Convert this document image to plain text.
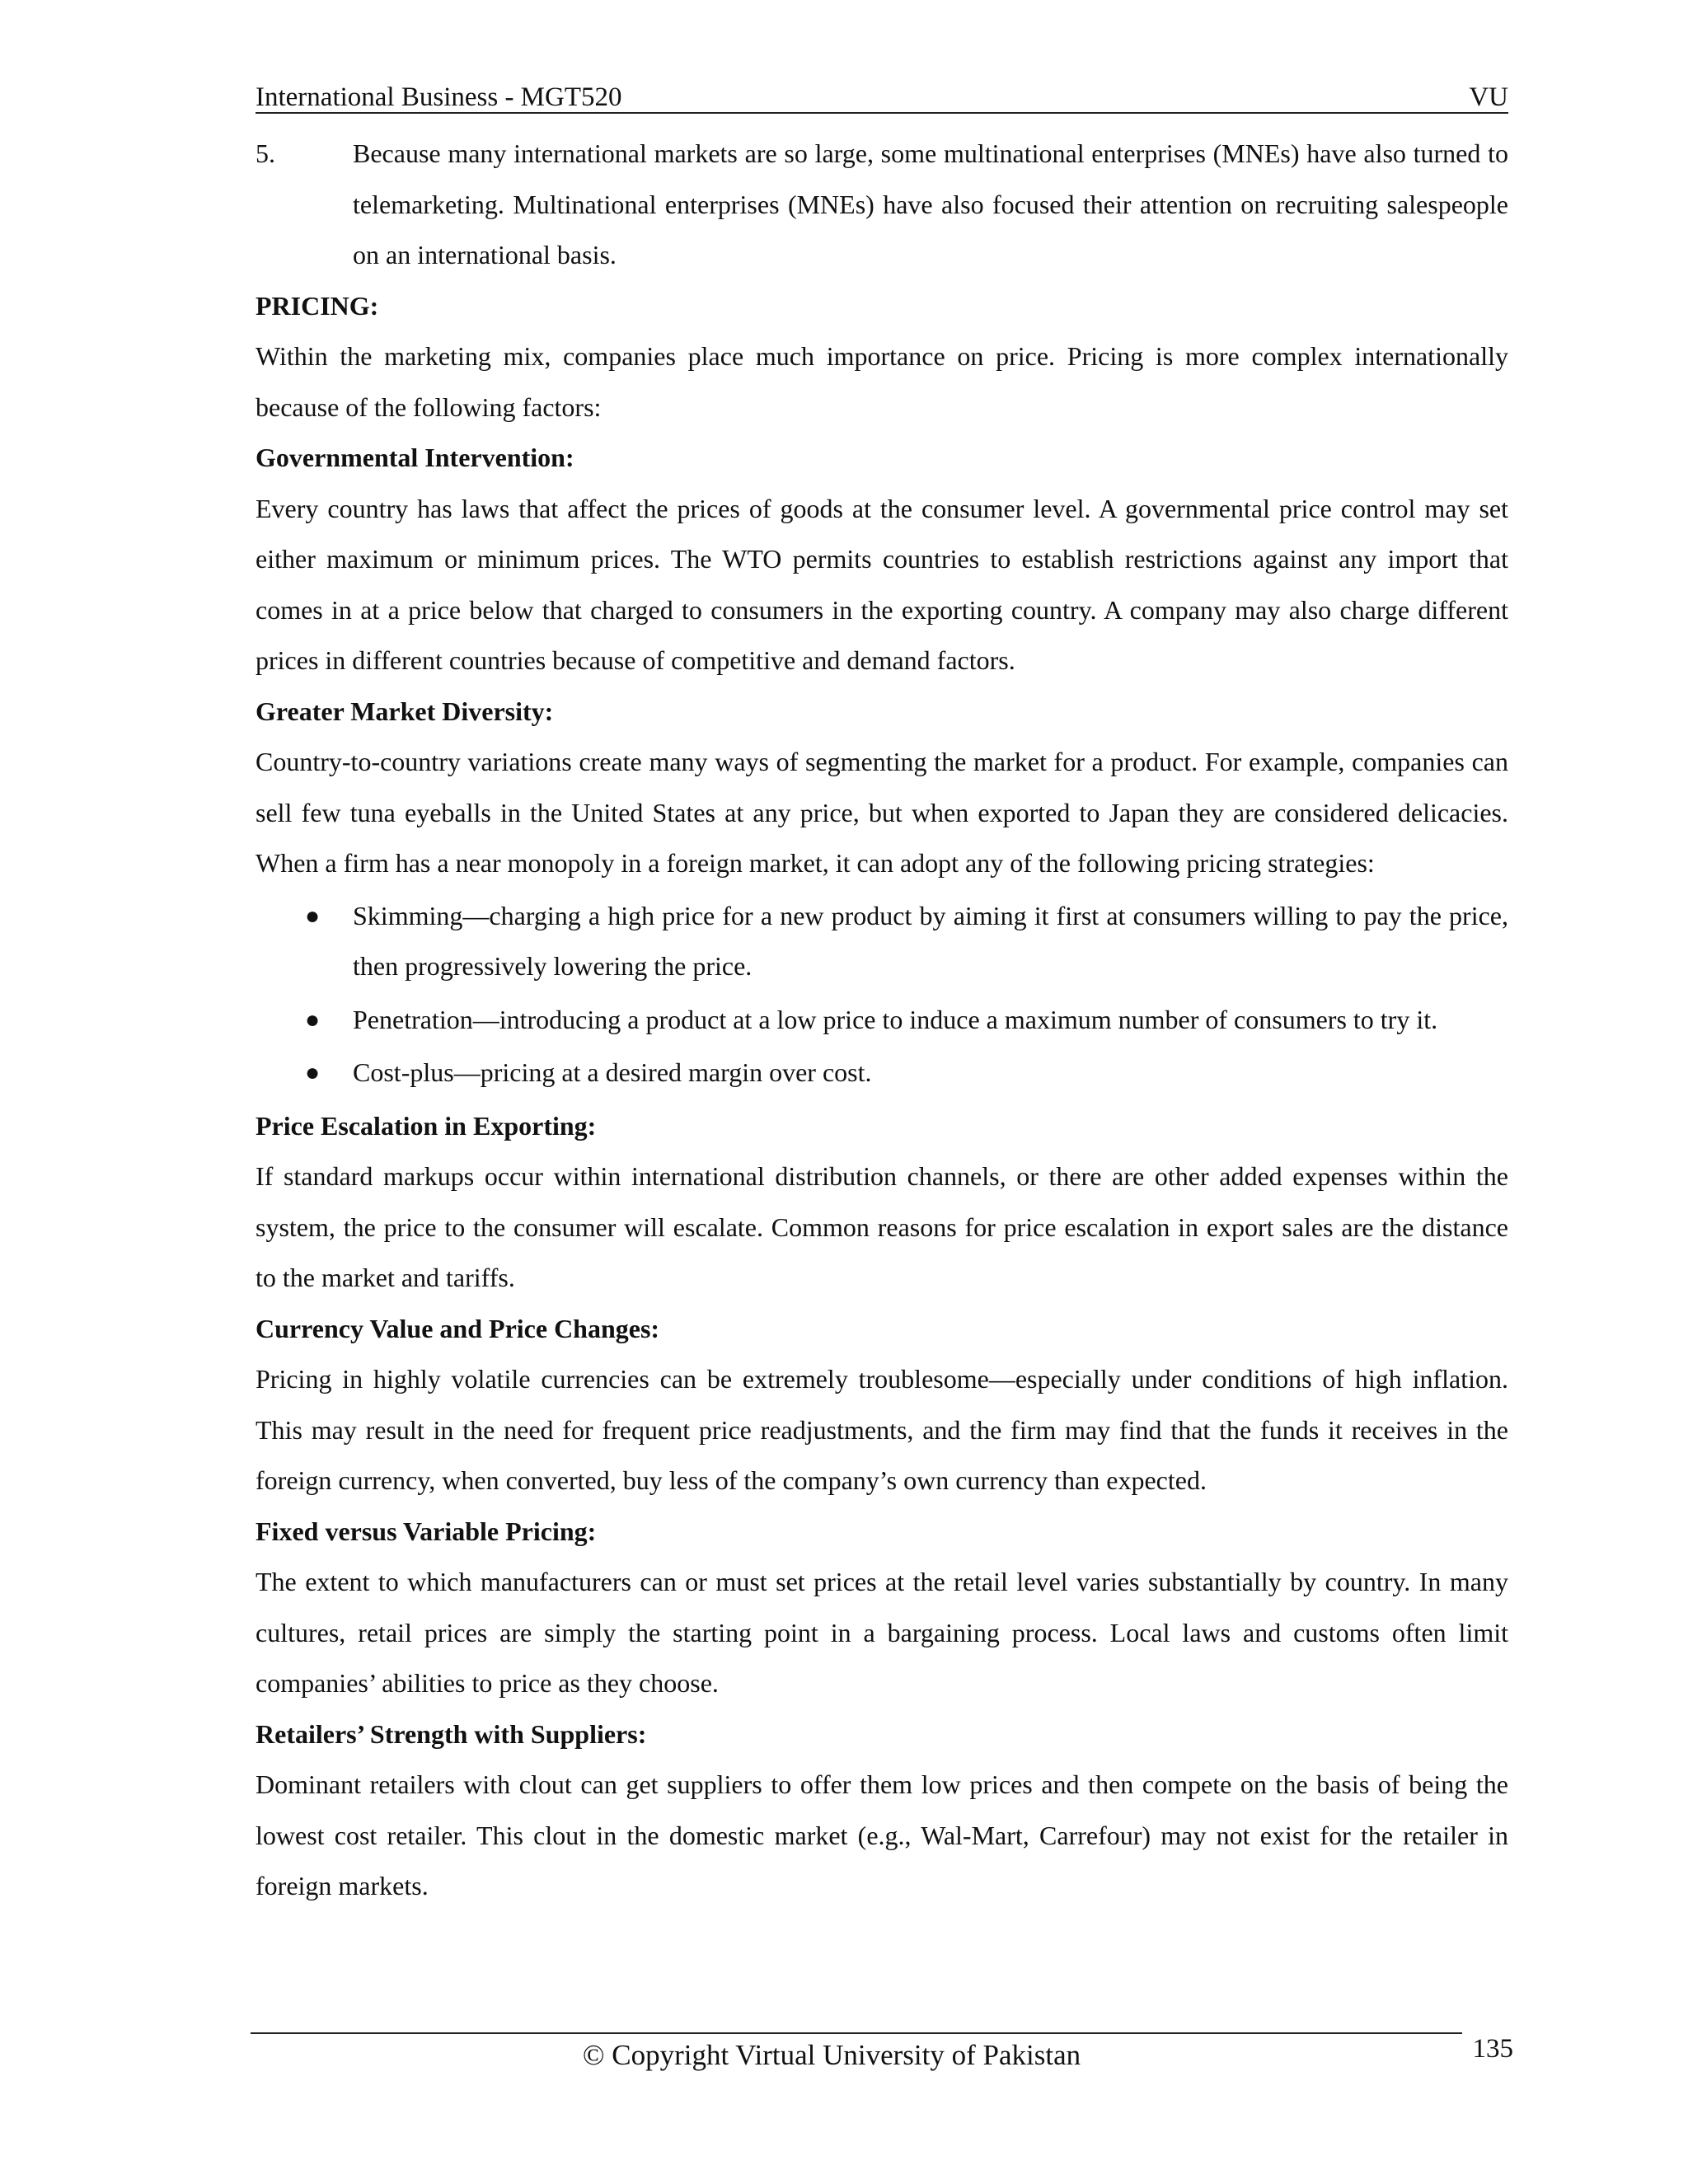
International Business - MGT520	VU
5.	Because many international markets are so large, some multinational enterprises (MNEs) have also turned to telemarketing. Multinational enterprises (MNEs) have also focused their attention on recruiting salespeople on an international basis.

PRICING:

Within the marketing mix, companies place much importance on price. Pricing is more complex internationally because of the following factors:

Governmental Intervention:

Every country has laws that affect the prices of goods at the consumer level. A governmental price control may set either maximum or minimum prices. The WTO permits countries to establish restrictions against any import that comes in at a price below that charged to consumers in the exporting country. A company may also charge different prices in different countries because of competitive and demand factors.

Greater Market Diversity:

Country-to-country variations create many ways of segmenting the market for a product. For example, companies can sell few tuna eyeballs in the United States at any price, but when exported to Japan they are considered delicacies. When a firm has a near monopoly in a foreign market, it can adopt any of the following pricing strategies:

● Skimming—charging a high price for a new product by aiming it first at consumers willing to pay the price, then progressively lowering the price.
● Penetration—introducing a product at a low price to induce a maximum number of consumers to try it.
● Cost-plus—pricing at a desired margin over cost.

Price Escalation in Exporting:

If standard markups occur within international distribution channels, or there are other added expenses within the system, the price to the consumer will escalate. Common reasons for price escalation in export sales are the distance to the market and tariffs.

Currency Value and Price Changes:

Pricing in highly volatile currencies can be extremely troublesome—especially under conditions of high inflation. This may result in the need for frequent price readjustments, and the firm may find that the funds it receives in the foreign currency, when converted, buy less of the company’s own currency than expected.

Fixed versus Variable Pricing:

The extent to which manufacturers can or must set prices at the retail level varies substantially by country. In many cultures, retail prices are simply the starting point in a bargaining process. Local laws and customs often limit companies’ abilities to price as they choose.

Retailers’ Strength with Suppliers:

Dominant retailers with clout can get suppliers to offer them low prices and then compete on the basis of being the lowest cost retailer. This clout in the domestic market (e.g., Wal-Mart, Carrefour) may not exist for the retailer in foreign markets.

© Copyright Virtual University of Pakistan	135
